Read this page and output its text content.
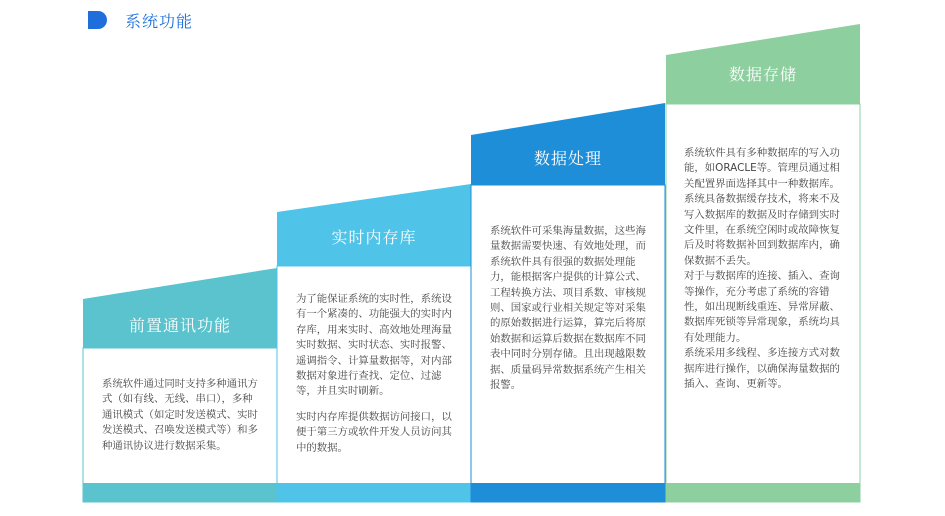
系统功能
前置通讯功能

系统软件通过同时支持多种通讯方式（如有线、无线、串口），多种通讯模式（如定时发送模式、实时发送模式、召唤发送模式等）和多种通讯协议进行数据采集。

实时内存库

为了能保证系统的实时性，系统设有一个紧凑的、功能强大的实时内存库，用来实时、高效地处理海量实时数据、实时状态、实时报警、遥调指令、计算量数据等，对内部数据对象进行查找、定位、过滤等，并且实时刷新。

实时内存库提供数据访问接口，以便于第三方或软件开发人员访问其中的数据。

数据处理

系统软件可采集海量数据，这些海量数据需要快速、有效地处理，而系统软件具有很强的数据处理能力，能根据客户提供的计算公式、工程转换方法、项目系数、审核规则、国家或行业相关规定等对采集的原始数据进行运算，算完后将原始数据和运算后数据在数据库不同表中同时分别存储。且出现越限数据、质量码异常数据系统产生相关报警。

数据存储

系统软件具有多种数据库的写入功能，如ORACLE等。管理员通过相关配置界面选择其中一种数据库。

系统具备数据缓存技术，将来不及写入数据库的数据及时存储到实时文件里，在系统空闲时或故障恢复后及时将数据补回到数据库内，确保数据不丢失。

对于与数据库的连接、插入、查询等操作，充分考虑了系统的容错性，如出现断线重连、异常屏蔽、数据库死锁等异常现象，系统均具有处理能力。

系统采用多线程、多连接方式对数据库进行操作，以确保海量数据的插入、查询、更新等。
